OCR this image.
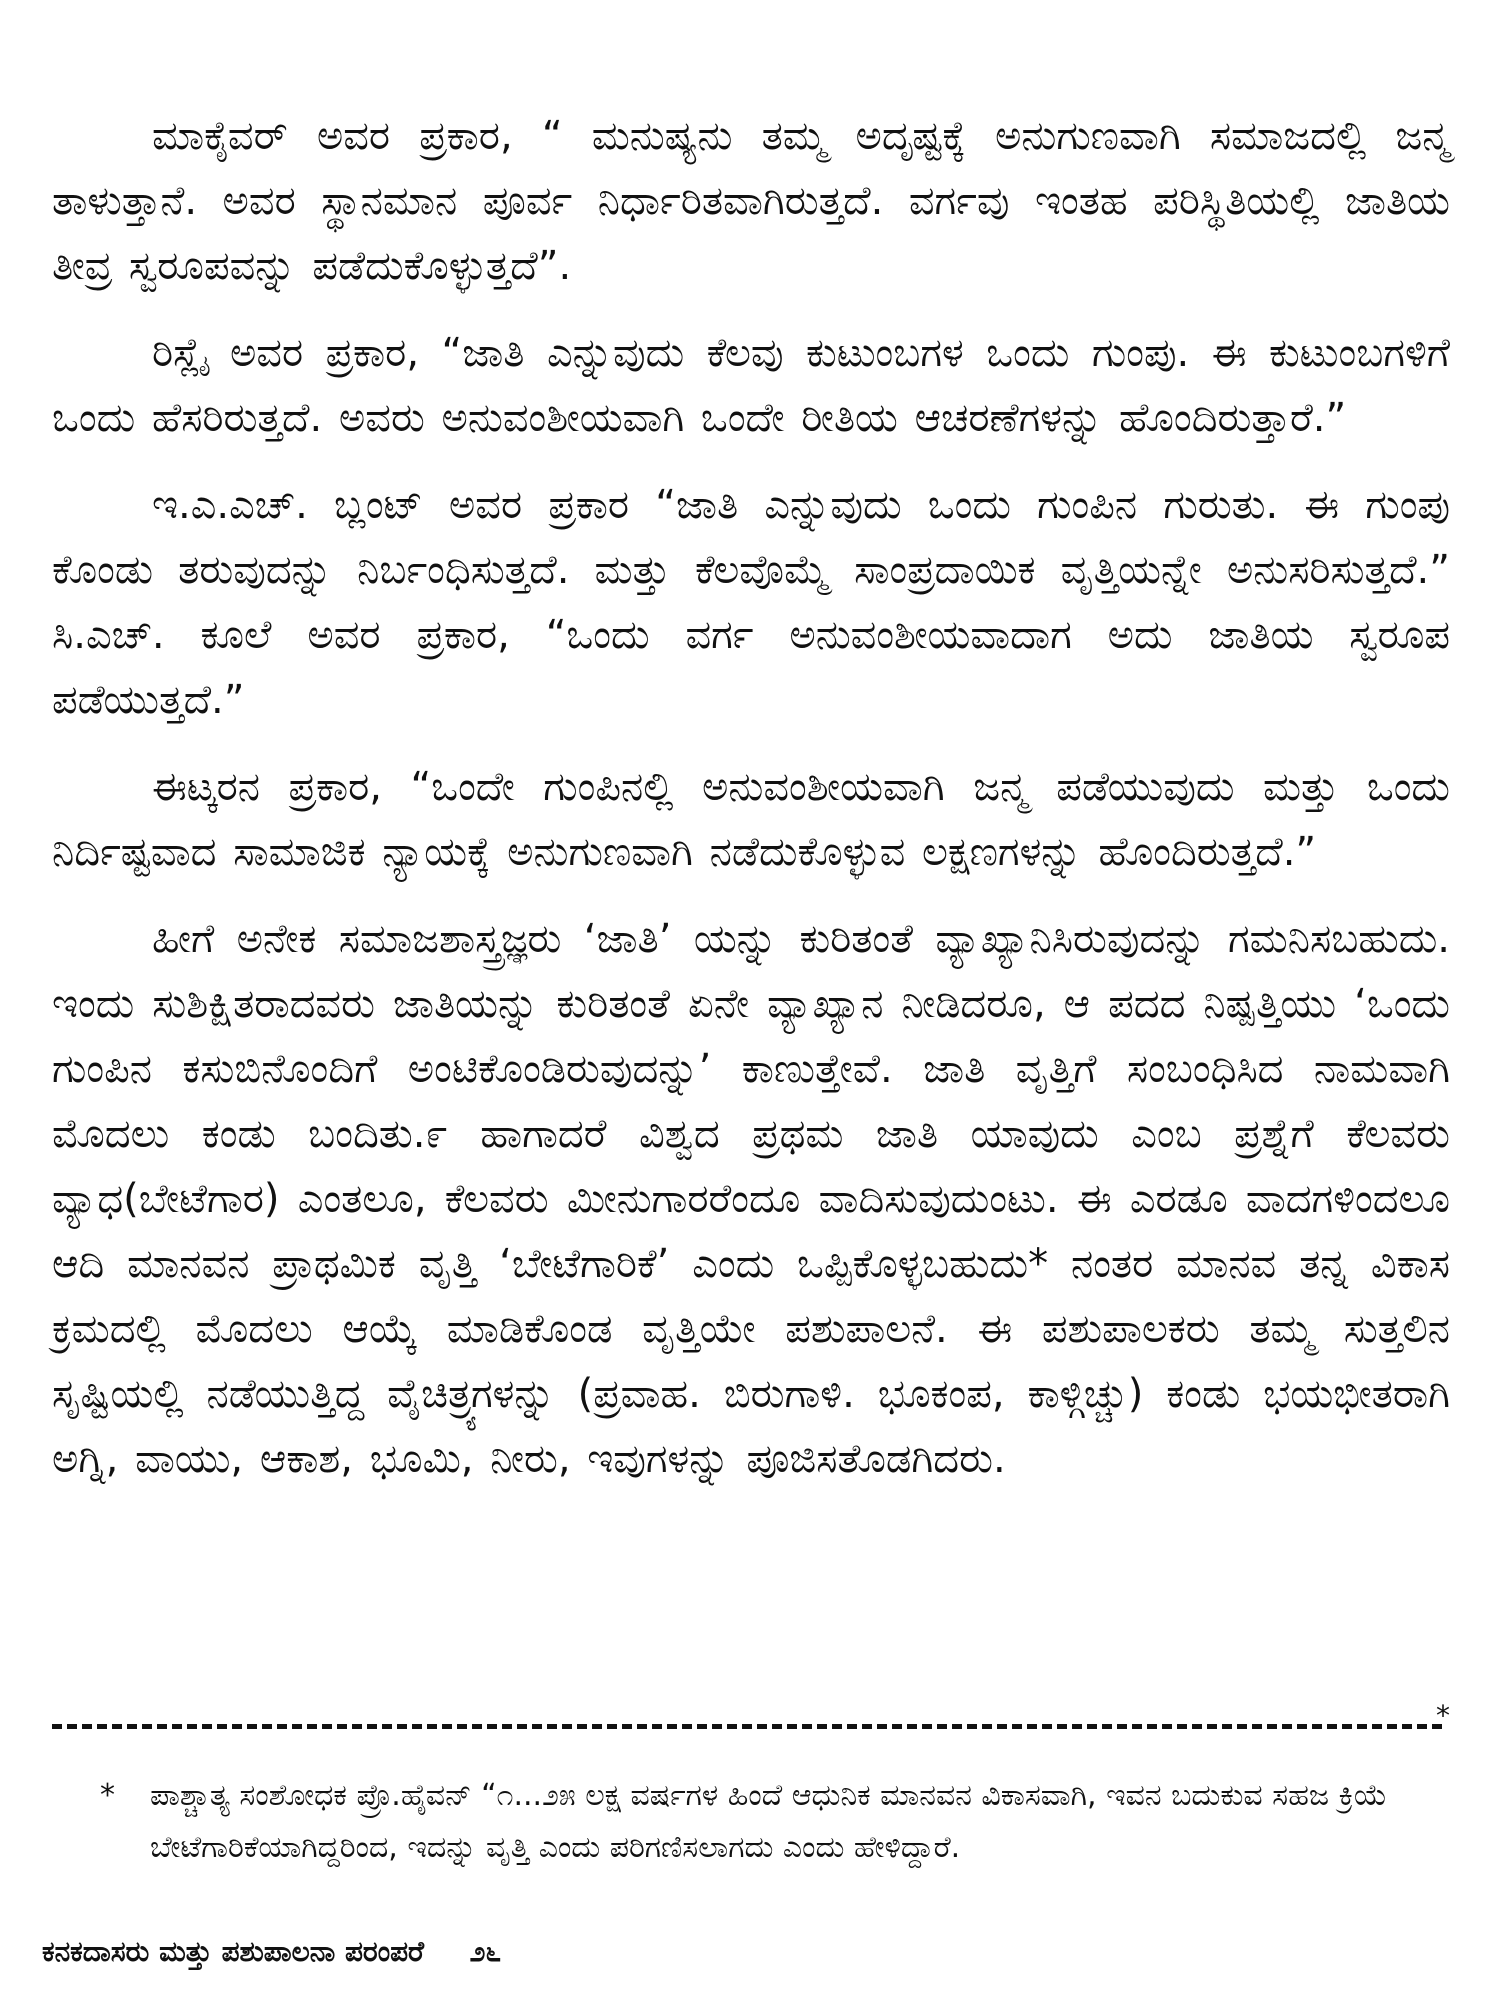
ಮಾಕೈವರ್ ಅವರ ಪ್ರಕಾರ, “ ಮನುಷ್ಯನು ತಮ್ಮ ಅದೃಷ್ಟಕ್ಕೆ ಅನುಗುಣವಾಗಿ ಸಮಾಜದಲ್ಲಿ ಜನ್ಮ ತಾಳುತ್ತಾನೆ. ಅವರ ಸ್ಥಾನಮಾನ ಪೂರ್ವ ನಿರ್ಧಾರಿತವಾಗಿರುತ್ತದೆ. ವರ್ಗವು ಇಂತಹ ಪರಿಸ್ಥಿತಿಯಲ್ಲಿ ಜಾತಿಯ ತೀವ್ರ ಸ್ವರೂಪವನ್ನು ಪಡೆದುಕೊಳ್ಳುತ್ತದೆ”.

ರಿಸ್ಲೈ ಅವರ ಪ್ರಕಾರ, “ಜಾತಿ ಎನ್ನುವುದು ಕೆಲವು ಕುಟುಂಬಗಳ ಒಂದು ಗುಂಪು. ಈ ಕುಟುಂಬಗಳಿಗೆ ಒಂದು ಹೆಸರಿರುತ್ತದೆ. ಅವರು ಅನುವಂಶೀಯವಾಗಿ ಒಂದೇ ರೀತಿಯ ಆಚರಣೆಗಳನ್ನು ಹೊಂದಿರುತ್ತಾರೆ.”

ಇ.ಎ.ಎಚ್. ಬ್ಲಂಟ್ ಅವರ ಪ್ರಕಾರ “ಜಾತಿ ಎನ್ನುವುದು ಒಂದು ಗುಂಪಿನ ಗುರುತು. ಈ ಗುಂಪು ಕೊಂಡು ತರುವುದನ್ನು ನಿರ್ಬಂಧಿಸುತ್ತದೆ. ಮತ್ತು ಕೆಲವೊಮ್ಮೆ ಸಾಂಪ್ರದಾಯಿಕ ವೃತ್ತಿಯನ್ನೇ ಅನುಸರಿಸುತ್ತದೆ.” ಸಿ.ಎಚ್. ಕೂಲೆ ಅವರ ಪ್ರಕಾರ, “ಒಂದು ವರ್ಗ ಅನುವಂಶೀಯವಾದಾಗ ಅದು ಜಾತಿಯ ಸ್ವರೂಪ ಪಡೆಯುತ್ತದೆ.”

ಈಟ್ಕರನ ಪ್ರಕಾರ, “ಒಂದೇ ಗುಂಪಿನಲ್ಲಿ ಅನುವಂಶೀಯವಾಗಿ ಜನ್ಮ ಪಡೆಯುವುದು ಮತ್ತು ಒಂದು ನಿರ್ದಿಷ್ಟವಾದ ಸಾಮಾಜಿಕ ನ್ಯಾಯಕ್ಕೆ ಅನುಗುಣವಾಗಿ ನಡೆದುಕೊಳ್ಳುವ ಲಕ್ಷಣಗಳನ್ನು ಹೊಂದಿರುತ್ತದೆ.”

ಹೀಗೆ ಅನೇಕ ಸಮಾಜಶಾಸ್ತ್ರಜ್ಞರು ‘ಜಾತಿ’ ಯನ್ನು ಕುರಿತಂತೆ ವ್ಯಾಖ್ಯಾನಿಸಿರುವುದನ್ನು ಗಮನಿಸಬಹುದು. ಇಂದು ಸುಶಿಕ್ಷಿತರಾದವರು ಜಾತಿಯನ್ನು ಕುರಿತಂತೆ ಏನೇ ವ್ಯಾಖ್ಯಾನ ನೀಡಿದರೂ, ಆ ಪದದ ನಿಷ್ಪತ್ತಿಯು ‘ಒಂದು ಗುಂಪಿನ ಕಸುಬಿನೊಂದಿಗೆ ಅಂಟಿಕೊಂಡಿರುವುದನ್ನು’ ಕಾಣುತ್ತೇವೆ. ಜಾತಿ ವೃತ್ತಿಗೆ ಸಂಬಂಧಿಸಿದ ನಾಮವಾಗಿ ಮೊದಲು ಕಂಡು ಬಂದಿತು.೯ ಹಾಗಾದರೆ ವಿಶ್ವದ ಪ್ರಥಮ ಜಾತಿ ಯಾವುದು ಎಂಬ ಪ್ರಶ್ನೆಗೆ ಕೆಲವರು ವ್ಯಾಧ(ಬೇಟೆಗಾರ) ಎಂತಲೂ, ಕೆಲವರು ಮೀನುಗಾರರೆಂದೂ ವಾದಿಸುವುದುಂಟು. ಈ ಎರಡೂ ವಾದಗಳಿಂದಲೂ ಆದಿ ಮಾನವನ ಪ್ರಾಥಮಿಕ ವೃತ್ತಿ ‘ಬೇಟೆಗಾರಿಕೆ’ ಎಂದು ಒಪ್ಪಿಕೊಳ್ಳಬಹುದು* ನಂತರ ಮಾನವ ತನ್ನ ವಿಕಾಸ ಕ್ರಮದಲ್ಲಿ ಮೊದಲು ಆಯ್ಕೆ ಮಾಡಿಕೊಂಡ ವೃತ್ತಿಯೇ ಪಶುಪಾಲನೆ. ಈ ಪಶುಪಾಲಕರು ತಮ್ಮ ಸುತ್ತಲಿನ ಸೃಷ್ಟಿಯಲ್ಲಿ ನಡೆಯುತ್ತಿದ್ದ ವೈಚಿತ್ರ್ಯಗಳನ್ನು (ಪ್ರವಾಹ. ಬಿರುಗಾಳಿ. ಭೂಕಂಪ, ಕಾಳ್ಗಿಚ್ಚು) ಕಂಡು ಭಯಭೀತರಾಗಿ ಅಗ್ನಿ, ವಾಯು, ಆಕಾಶ, ಭೂಮಿ, ನೀರು, ಇವುಗಳನ್ನು ಪೂಜಿಸತೊಡಗಿದರು.

*
* ಪಾಶ್ಚಾತ್ಯ ಸಂಶೋಧಕ ಪ್ರೊ.ಹೈವನ್ “೧...೨೫ ಲಕ್ಷ ವರ್ಷಗಳ ಹಿಂದೆ ಆಧುನಿಕ ಮಾನವನ ವಿಕಾಸವಾಗಿ, ಇವನ ಬದುಕುವ ಸಹಜ ಕ್ರಿಯೆ ಬೇಟೆಗಾರಿಕೆಯಾಗಿದ್ದರಿಂದ, ಇದನ್ನು ವೃತ್ತಿ ಎಂದು ಪರಿಗಣಿಸಲಾಗದು ಎಂದು ಹೇಳಿದ್ದಾರೆ.
ಕನಕದಾಸರು ಮತ್ತು ಪಶುಪಾಲನಾ ಪರಂಪರೆ ೨೬
